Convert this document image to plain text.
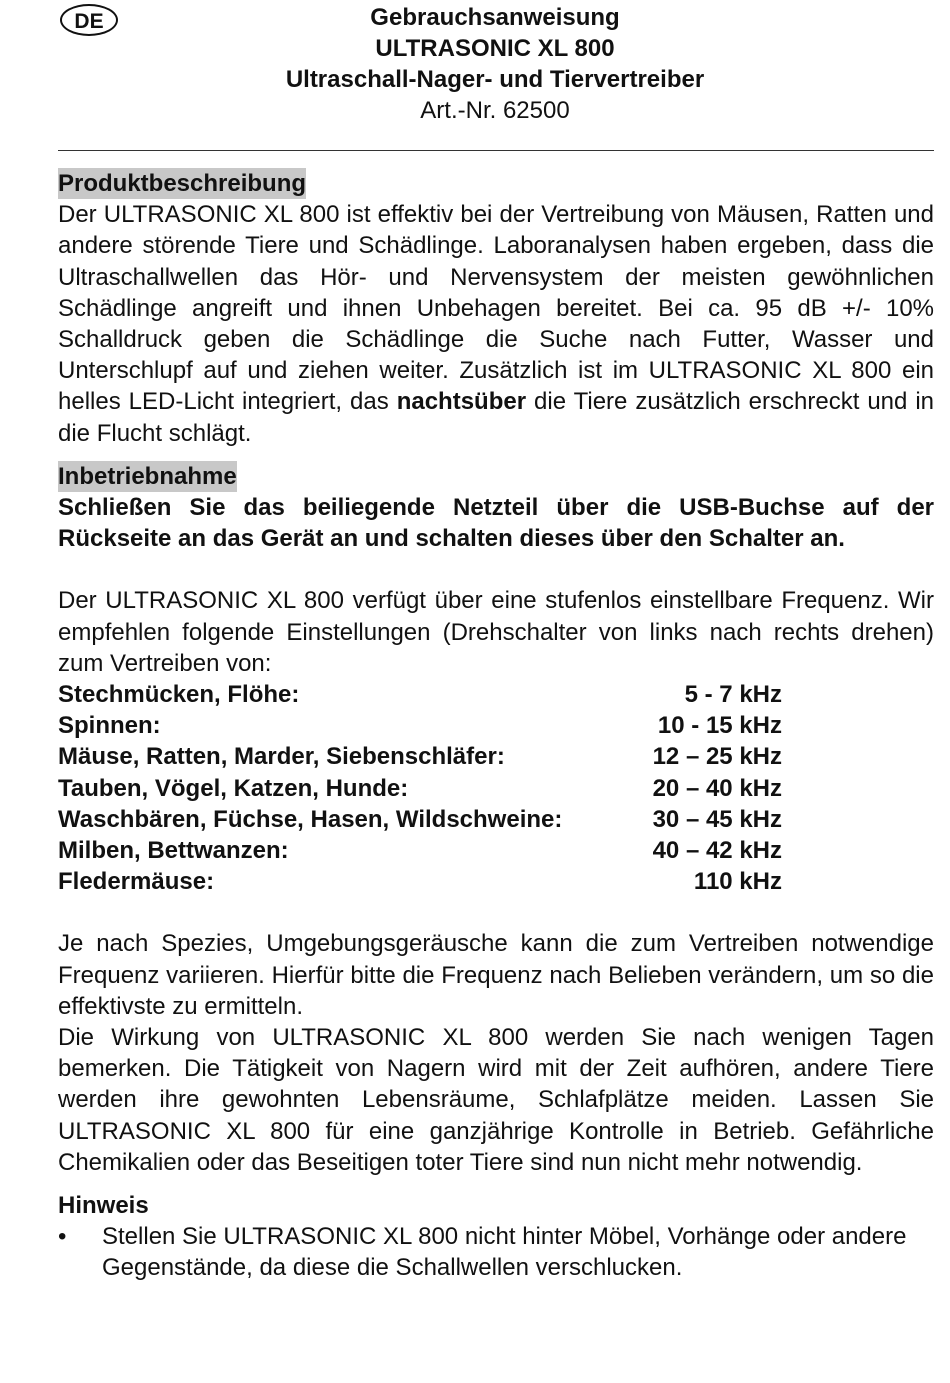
DE	Gebrauchsanweisung
ULTRASONIC XL 800
Ultraschall-Nager- und Tiervertreiber
Art.-Nr. 62500
Produktbeschreibung
Der ULTRASONIC XL 800 ist effektiv bei der Vertreibung von Mäusen, Ratten und andere störende Tiere und Schädlinge. Laboranalysen haben ergeben, dass die Ultraschallwellen das Hör- und Nervensystem der meisten gewöhnlichen Schädlinge angreift und ihnen Unbehagen bereitet. Bei ca. 95 dB +/- 10% Schalldruck geben die Schädlinge die Suche nach Futter, Wasser und Unterschlupf auf und ziehen weiter. Zusätzlich ist im ULTRASONIC XL 800 ein helles LED-Licht integriert, das nachtsüber die Tiere zusätzlich erschreckt und in die Flucht schlägt.
Inbetriebnahme
Schließen Sie das beiliegende Netzteil über die USB-Buchse auf der Rückseite an das Gerät an und schalten dieses über den Schalter an.
Der ULTRASONIC XL 800 verfügt über eine stufenlos einstellbare Frequenz. Wir empfehlen folgende Einstellungen (Drehschalter von links nach rechts drehen) zum Vertreiben von:
Stechmücken, Flöhe:	5 - 7 kHz
Spinnen:	10 - 15 kHz
Mäuse, Ratten, Marder, Siebenschläfer:	12 – 25 kHz
Tauben, Vögel, Katzen, Hunde:	20 – 40 kHz
Waschbären, Füchse, Hasen, Wildschweine:	30 – 45 kHz
Milben, Bettwanzen:	40 – 42 kHz
Fledermäuse:	110 kHz
Je nach Spezies, Umgebungsgeräusche kann die zum Vertreiben notwendige Frequenz variieren. Hierfür bitte die Frequenz nach Belieben verändern, um so die effektivste zu ermitteln.
Die Wirkung von ULTRASONIC XL 800 werden Sie nach wenigen Tagen bemerken. Die Tätigkeit von Nagern wird mit der Zeit aufhören, andere Tiere werden ihre gewohnten Lebensräume, Schlafplätze meiden. Lassen Sie ULTRASONIC XL 800 für eine ganzjährige Kontrolle in Betrieb. Gefährliche Chemikalien oder das Beseitigen toter Tiere sind nun nicht mehr notwendig.
Hinweis
• Stellen Sie ULTRASONIC XL 800 nicht hinter Möbel, Vorhänge oder andere Gegenstände, da diese die Schallwellen verschlucken.
